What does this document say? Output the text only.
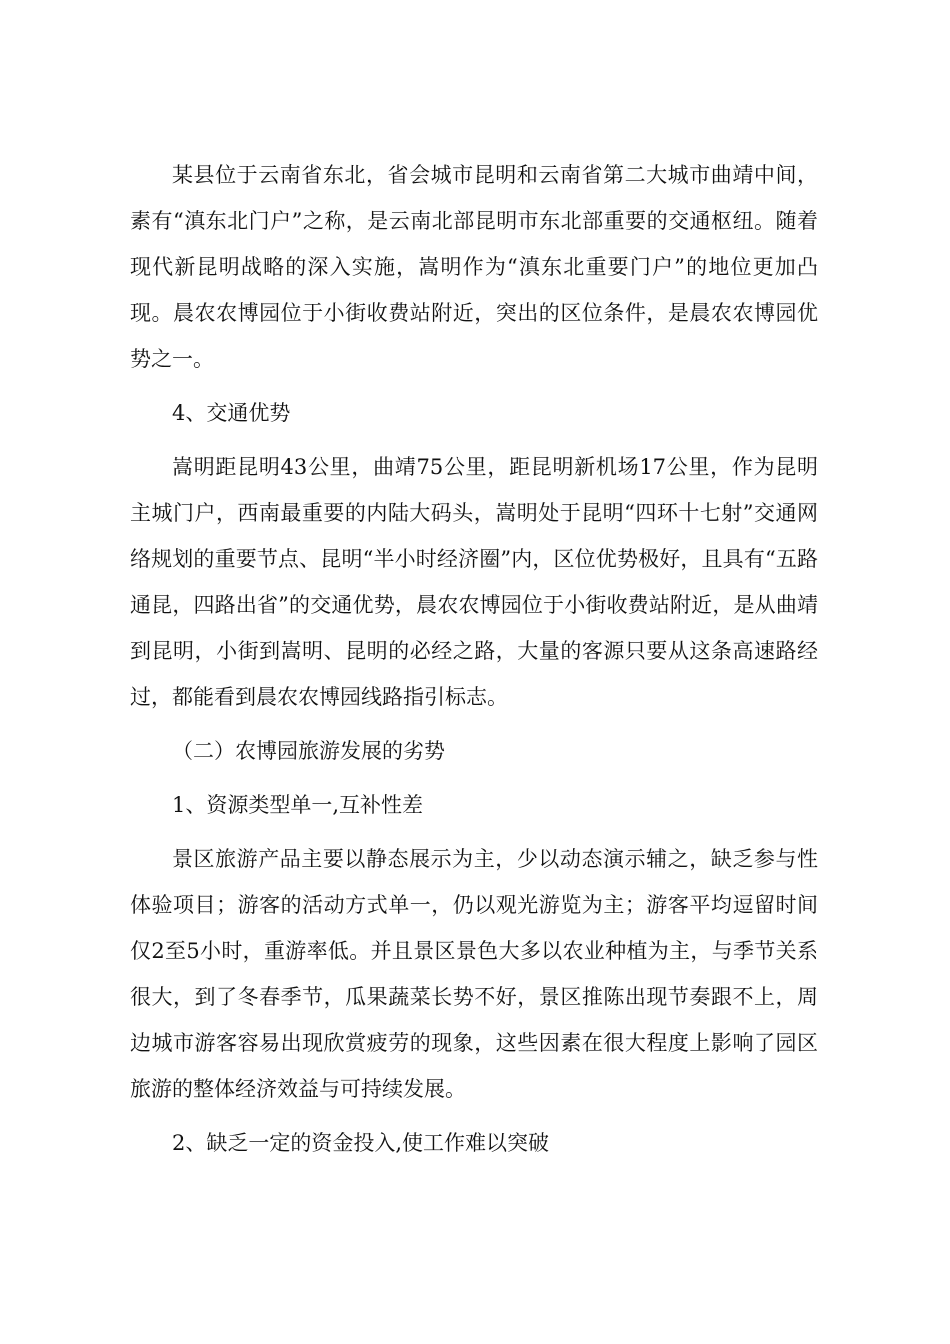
某县位于云南省东北，省会城市昆明和云南省第二大城市曲靖中间，素有“滇东北门户”之称，是云南北部昆明市东北部重要的交通枢纽。随着现代新昆明战略的深入实施，嵩明作为“滇东北重要门户”的地位更加凸现。晨农农博园位于小街收费站附近，突出的区位条件，是晨农农博园优势之一。

4、交通优势

嵩明距昆明43公里，曲靖75公里，距昆明新机场17公里，作为昆明主城门户，西南最重要的内陆大码头，嵩明处于昆明“四环十七射”交通网络规划的重要节点、昆明“半小时经济圈”内，区位优势极好，且具有“五路通昆，四路出省”的交通优势，晨农农博园位于小街收费站附近，是从曲靖到昆明，小街到嵩明、昆明的必经之路，大量的客源只要从这条高速路经过，都能看到晨农农博园线路指引标志。

（二）农博园旅游发展的劣势

1、资源类型单一,互补性差

景区旅游产品主要以静态展示为主，少以动态演示辅之，缺乏参与性体验项目；游客的活动方式单一，仍以观光游览为主；游客平均逗留时间仅2至5小时，重游率低。并且景区景色大多以农业种植为主，与季节关系很大，到了冬春季节，瓜果蔬菜长势不好，景区推陈出现节奏跟不上，周边城市游客容易出现欣赏疲劳的现象，这些因素在很大程度上影响了园区旅游的整体经济效益与可持续发展。

2、缺乏一定的资金投入,使工作难以突破
